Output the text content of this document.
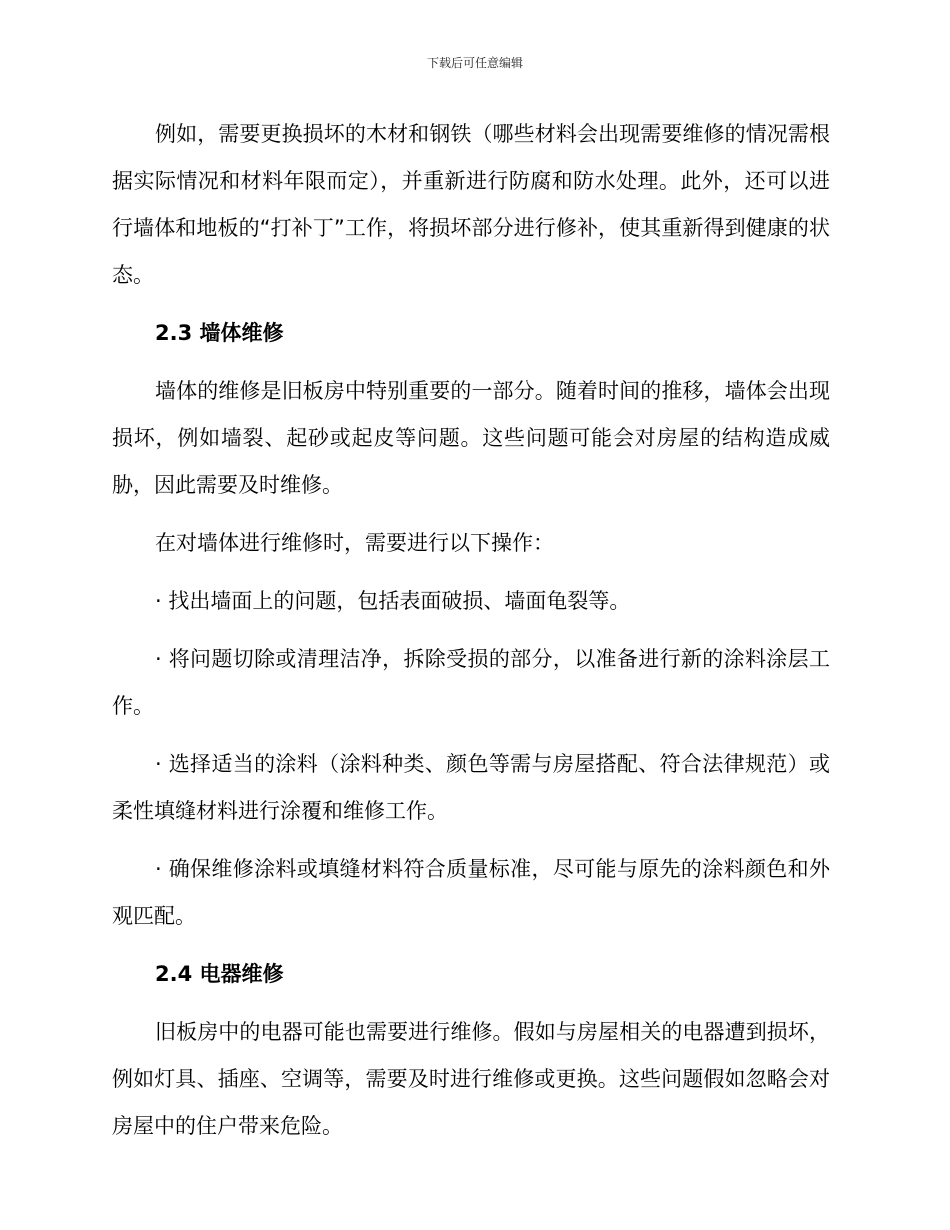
下载后可任意编辑

例如，需要更换损坏的木材和钢铁（哪些材料会出现需要维修的情况需根据实际情况和材料年限而定），并重新进行防腐和防水处理。此外，还可以进行墙体和地板的“打补丁”工作，将损坏部分进行修补，使其重新得到健康的状态。

2.3 墙体维修

墙体的维修是旧板房中特别重要的一部分。随着时间的推移，墙体会出现损坏，例如墙裂、起砂或起皮等问题。这些问题可能会对房屋的结构造成威胁，因此需要及时维修。

在对墙体进行维修时，需要进行以下操作：

· 找出墙面上的问题，包括表面破损、墙面龟裂等。

· 将问题切除或清理洁净，拆除受损的部分，以准备进行新的涂料涂层工作。

· 选择适当的涂料（涂料种类、颜色等需与房屋搭配、符合法律规范）或柔性填缝材料进行涂覆和维修工作。

· 确保维修涂料或填缝材料符合质量标准，尽可能与原先的涂料颜色和外观匹配。

2.4 电器维修

旧板房中的电器可能也需要进行维修。假如与房屋相关的电器遭到损坏，例如灯具、插座、空调等，需要及时进行维修或更换。这些问题假如忽略会对房屋中的住户带来危险。
